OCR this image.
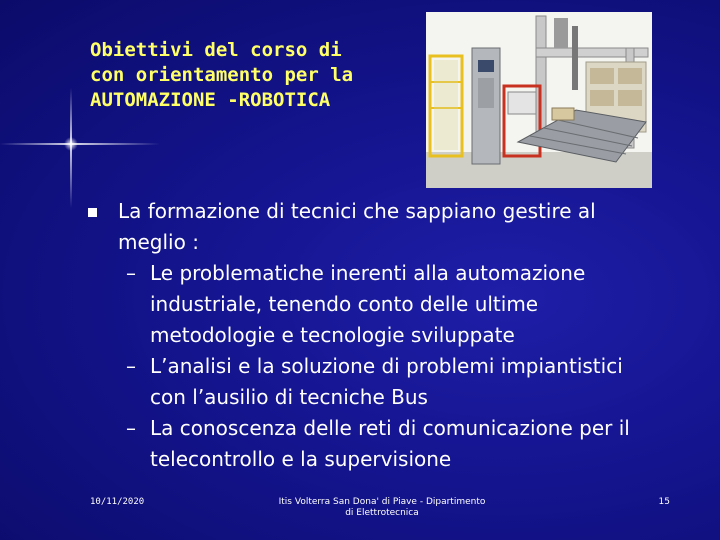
Obiettivi del corso di
con orientamento per la
AUTOMAZIONE -ROBOTICA
La formazione di tecnici che sappiano gestire al
meglio :
– Le problematiche inerenti alla automazione
industriale, tenendo conto delle ultime
metodologie e tecnologie sviluppate
– L’analisi e la soluzione di problemi impiantistici
con l’ausilio di tecniche Bus
– La conoscenza delle reti di comunicazione per il
telecontrollo e la supervisione
10/11/2020	Itis Volterra San Dona' di Piave - Dipartimento
di Elettrotecnica
15
